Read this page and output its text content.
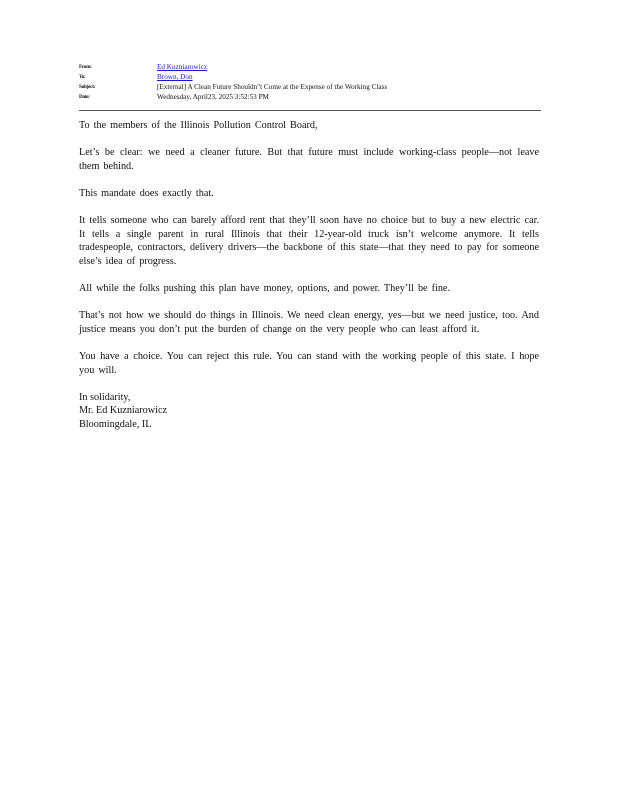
From:	Ed Kuzniarowicz
To:	Brown, Don
Subject:	[External] A Clean Future Shouldn"t Come at the Expense of the Working Class
Date:	Wednesday, April23, 2025 3:52:53 PM

To the members of the Illinois Pollution Control Board,

Let’s be clear: we need a cleaner future. But that future must include working-class people—not leave them behind.

This mandate does exactly that.

It tells someone who can barely afford rent that they’ll soon have no choice but to buy a new electric car. It tells a single parent in rural Illinois that their 12-year-old truck isn’t welcome anymore. It tells tradespeople, contractors, delivery drivers—the backbone of this state—that they need to pay for someone else’s idea of progress.

All while the folks pushing this plan have money, options, and power. They’ll be fine.

That’s not how we should do things in Illinois. We need clean energy, yes—but we need justice, too. And justice means you don’t put the burden of change on the very people who can least afford it.

You have a choice. You can reject this rule. You can stand with the working people of this state. I hope you will.

In solidarity,
Mr. Ed Kuzniarowicz
Bloomingdale, IL
